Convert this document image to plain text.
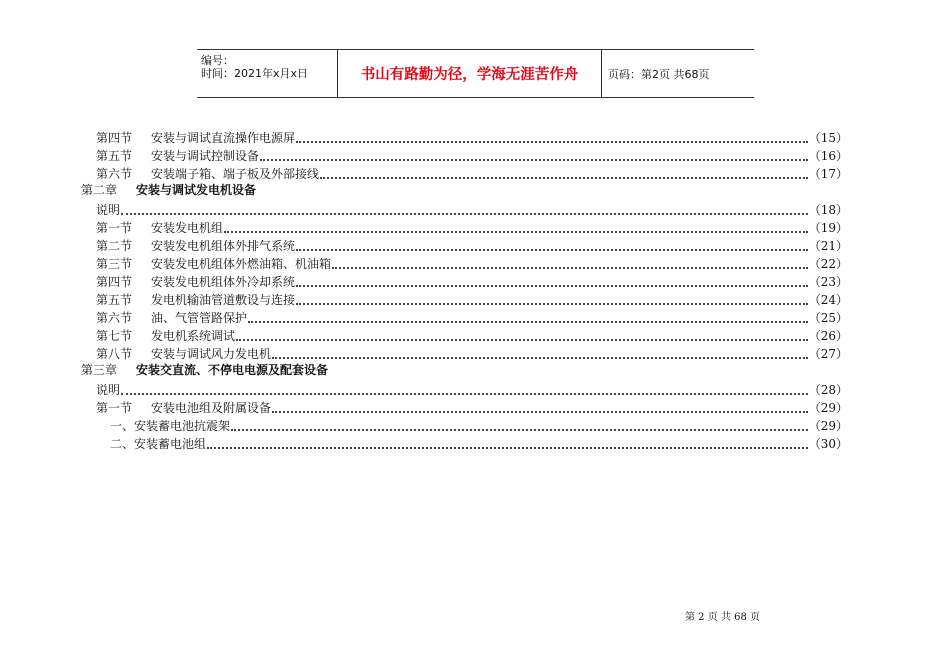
编号：
时间：2021年x月x日	书山有路勤为径，学海无涯苦作舟	页码：第2页 共68页
第四节 安装与调试直流操作电源屏	（15）
第五节 安装与调试控制设备	（16）
第六节 安装端子箱、端子板及外部接线	（17）
第二章 安装与调试发电机设备
说明	（18）
第一节 安装发电机组	（19）
第二节 安装发电机组体外排气系统	（21）
第三节 安装发电机组体外燃油箱、机油箱	（22）
第四节 安装发电机组体外冷却系统	（23）
第五节 发电机输油管道敷设与连接	（24）
第六节 油、气管管路保护	（25）
第七节 发电机系统调试	（26）
第八节 安装与调试风力发电机	（27）
第三章 安装交直流、不停电电源及配套设备
说明	（28）
第一节 安装电池组及附属设备	（29）
一、安装蓄电池抗震架	（29）
二、安装蓄电池组	（30）
第 2 页 共 68 页
